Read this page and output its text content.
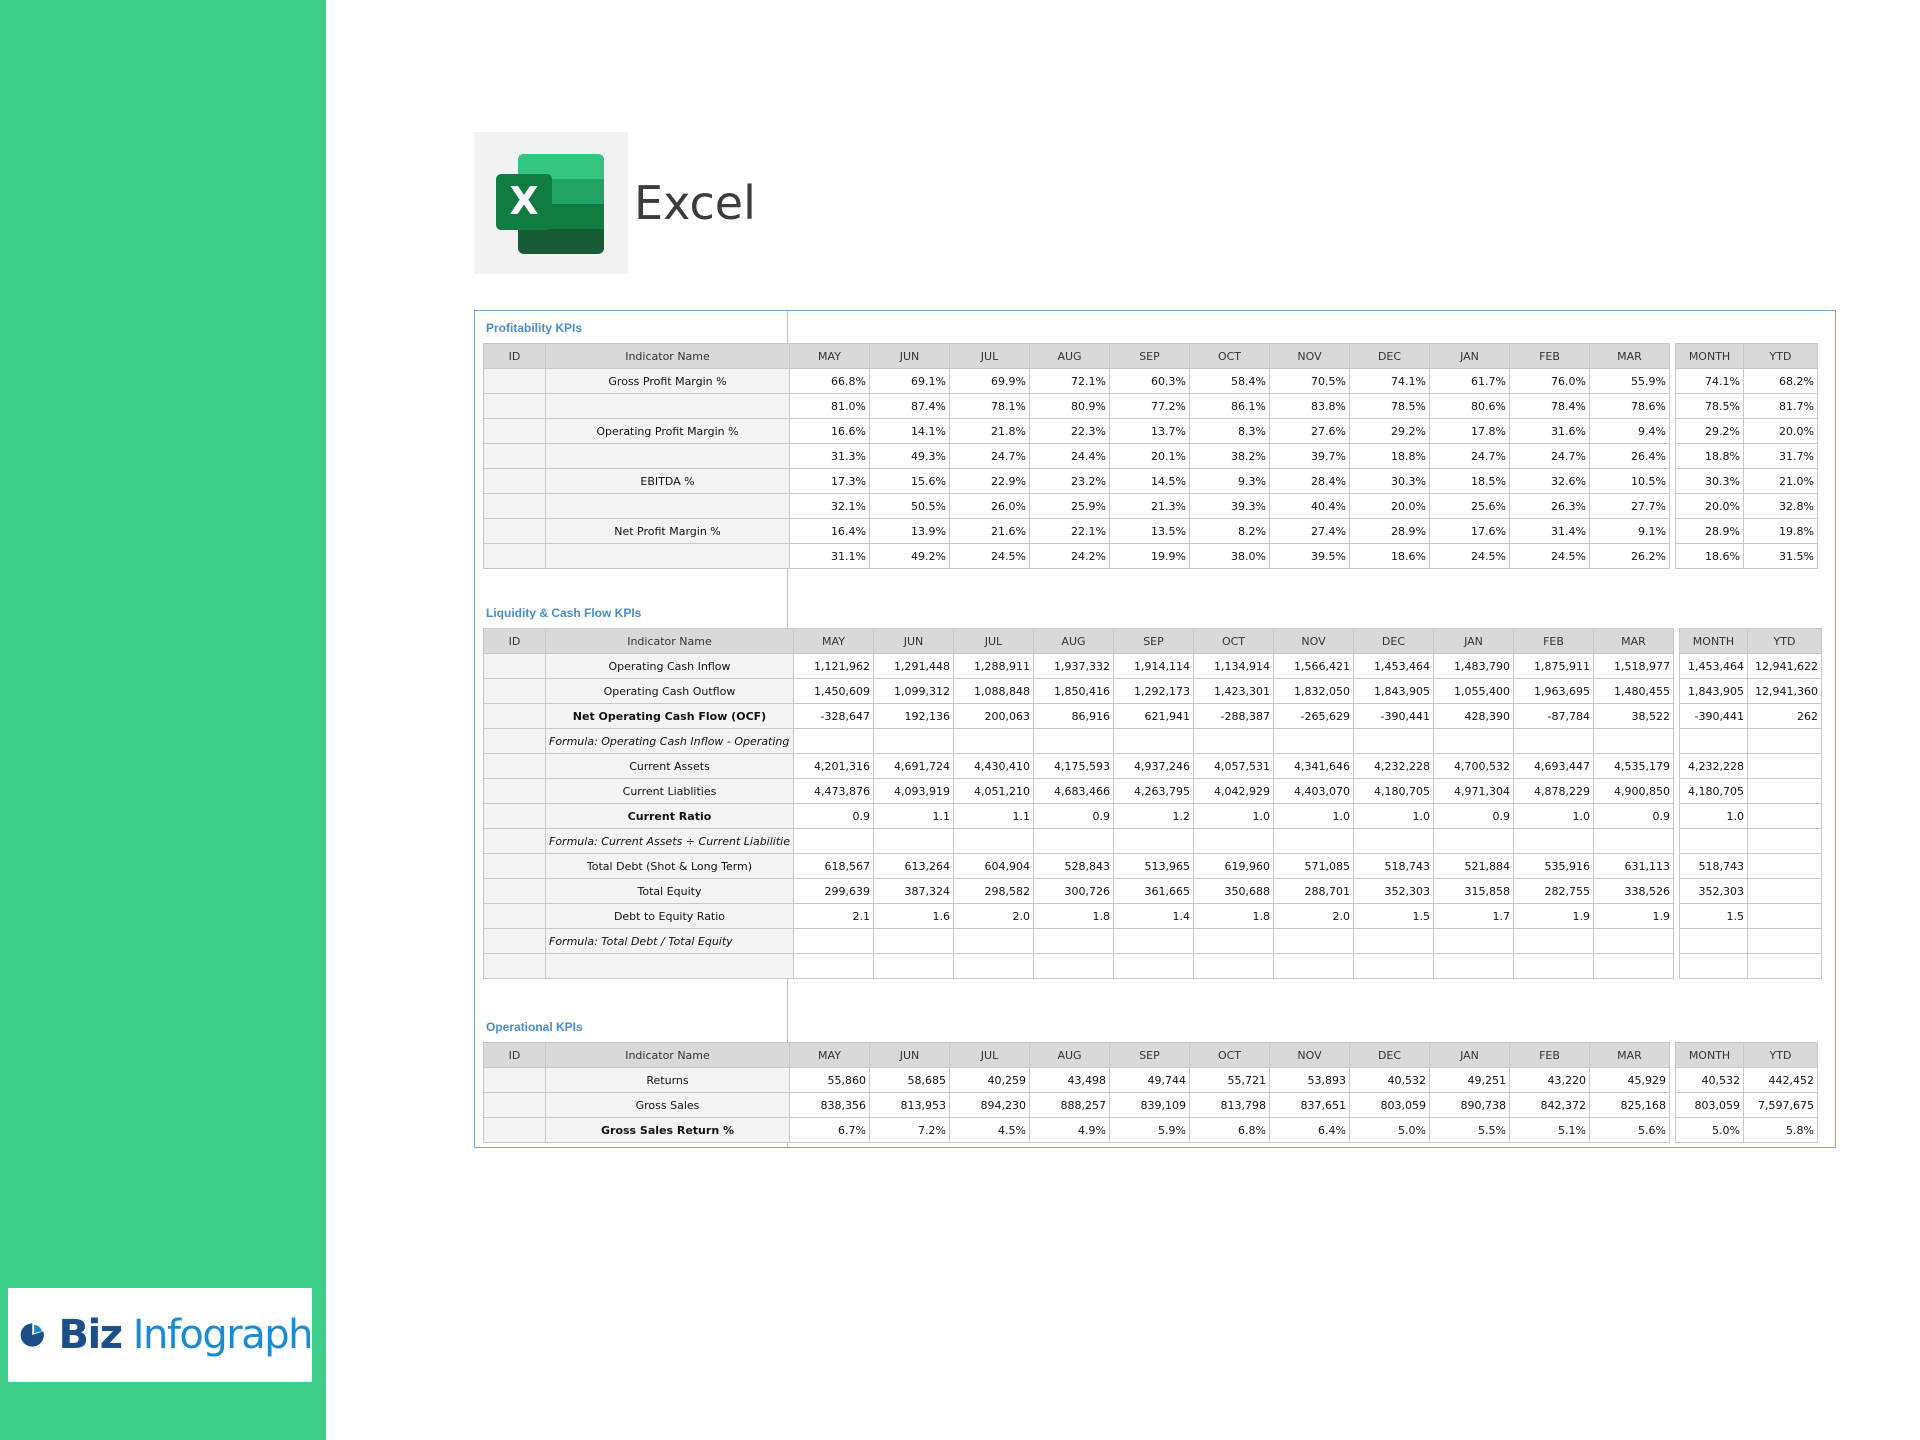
Biz Infograph
X Excel
Profitability KPIs
ID	Indicator Name	MAY	JUN	JUL	AUG	SEP	OCT	NOV	DEC	JAN	FEB	MAR		MONTH	YTD
	Gross Profit Margin %	66.8%	69.1%	69.9%	72.1%	60.3%	58.4%	70.5%	74.1%	61.7%	76.0%	55.9%		74.1%	68.2%
		81.0%	87.4%	78.1%	80.9%	77.2%	86.1%	83.8%	78.5%	80.6%	78.4%	78.6%		78.5%	81.7%
	Operating Profit Margin %	16.6%	14.1%	21.8%	22.3%	13.7%	8.3%	27.6%	29.2%	17.8%	31.6%	9.4%		29.2%	20.0%
		31.3%	49.3%	24.7%	24.4%	20.1%	38.2%	39.7%	18.8%	24.7%	24.7%	26.4%		18.8%	31.7%
	EBITDA %	17.3%	15.6%	22.9%	23.2%	14.5%	9.3%	28.4%	30.3%	18.5%	32.6%	10.5%		30.3%	21.0%
		32.1%	50.5%	26.0%	25.9%	21.3%	39.3%	40.4%	20.0%	25.6%	26.3%	27.7%		20.0%	32.8%
	Net Profit Margin %	16.4%	13.9%	21.6%	22.1%	13.5%	8.2%	27.4%	28.9%	17.6%	31.4%	9.1%		28.9%	19.8%
		31.1%	49.2%	24.5%	24.2%	19.9%	38.0%	39.5%	18.6%	24.5%	24.5%	26.2%		18.6%	31.5%
Liquidity & Cash Flow KPIs
ID	Indicator Name	MAY	JUN	JUL	AUG	SEP	OCT	NOV	DEC	JAN	FEB	MAR		MONTH	YTD
	Operating Cash Inflow	1,121,962	1,291,448	1,288,911	1,937,332	1,914,114	1,134,914	1,566,421	1,453,464	1,483,790	1,875,911	1,518,977		1,453,464	12,941,622
	Operating Cash Outflow	1,450,609	1,099,312	1,088,848	1,850,416	1,292,173	1,423,301	1,832,050	1,843,905	1,055,400	1,963,695	1,480,455		1,843,905	12,941,360
	Net Operating Cash Flow (OCF)	-328,647	192,136	200,063	86,916	621,941	-288,387	-265,629	-390,441	428,390	-87,784	38,522		-390,441	262
	Formula: Operating Cash Inflow - Operating														
	Current Assets	4,201,316	4,691,724	4,430,410	4,175,593	4,937,246	4,057,531	4,341,646	4,232,228	4,700,532	4,693,447	4,535,179		4,232,228	
	Current Liablities	4,473,876	4,093,919	4,051,210	4,683,466	4,263,795	4,042,929	4,403,070	4,180,705	4,971,304	4,878,229	4,900,850		4,180,705	
	Current Ratio	0.9	1.1	1.1	0.9	1.2	1.0	1.0	1.0	0.9	1.0	0.9		1.0	
	Formula: Current Assets ÷ Current Liabilitie														
	Total Debt (Shot & Long Term)	618,567	613,264	604,904	528,843	513,965	619,960	571,085	518,743	521,884	535,916	631,113		518,743	
	Total Equity	299,639	387,324	298,582	300,726	361,665	350,688	288,701	352,303	315,858	282,755	338,526		352,303	
	Debt to Equity Ratio	2.1	1.6	2.0	1.8	1.4	1.8	2.0	1.5	1.7	1.9	1.9		1.5	
	Formula: Total Debt / Total Equity														

Operational KPIs
ID	Indicator Name	MAY	JUN	JUL	AUG	SEP	OCT	NOV	DEC	JAN	FEB	MAR		MONTH	YTD
	Returns	55,860	58,685	40,259	43,498	49,744	55,721	53,893	40,532	49,251	43,220	45,929		40,532	442,452
	Gross Sales	838,356	813,953	894,230	888,257	839,109	813,798	837,651	803,059	890,738	842,372	825,168		803,059	7,597,675
	Gross Sales Return %	6.7%	7.2%	4.5%	4.9%	5.9%	6.8%	6.4%	5.0%	5.5%	5.1%	5.6%		5.0%	5.8%
